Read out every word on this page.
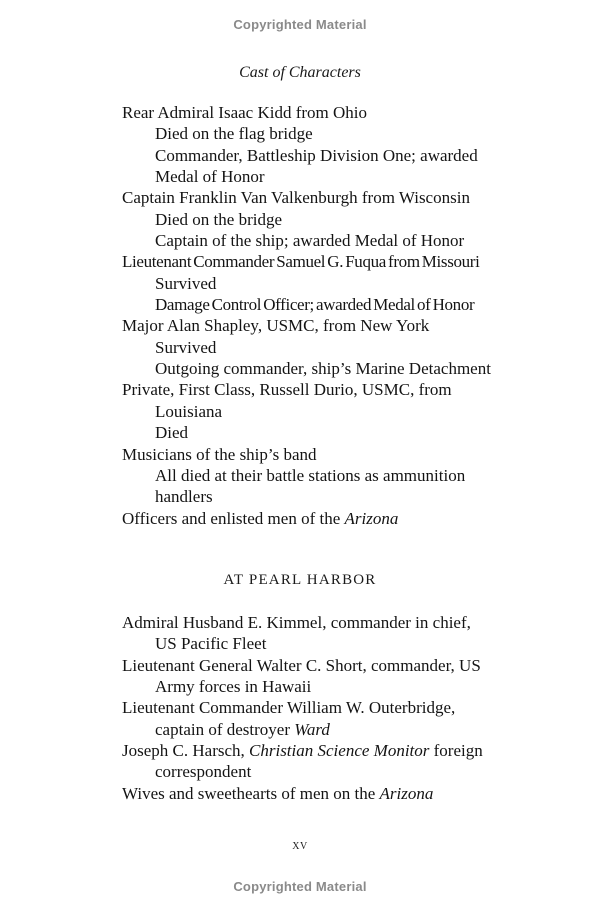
Copyrighted Material
Cast of Characters
Rear Admiral Isaac Kidd from Ohio
Died on the flag bridge
Commander, Battleship Division One; awarded
Medal of Honor
Captain Franklin Van Valkenburgh from Wisconsin
Died on the bridge
Captain of the ship; awarded Medal of Honor
Lieutenant Commander Samuel G. Fuqua from Missouri
Survived
Damage Control Officer; awarded Medal of Honor
Major Alan Shapley, USMC, from New York
Survived
Outgoing commander, ship’s Marine Detachment
Private, First Class, Russell Durio, USMC, from
Louisiana
Died
Musicians of the ship’s band
All died at their battle stations as ammunition
handlers
Officers and enlisted men of the Arizona
AT PEARL HARBOR
Admiral Husband E. Kimmel, commander in chief,
US Pacific Fleet
Lieutenant General Walter C. Short, commander, US
Army forces in Hawaii
Lieutenant Commander William W. Outerbridge,
captain of destroyer Ward
Joseph C. Harsch, Christian Science Monitor foreign
correspondent
Wives and sweethearts of men on the Arizona
xv
Copyrighted Material
